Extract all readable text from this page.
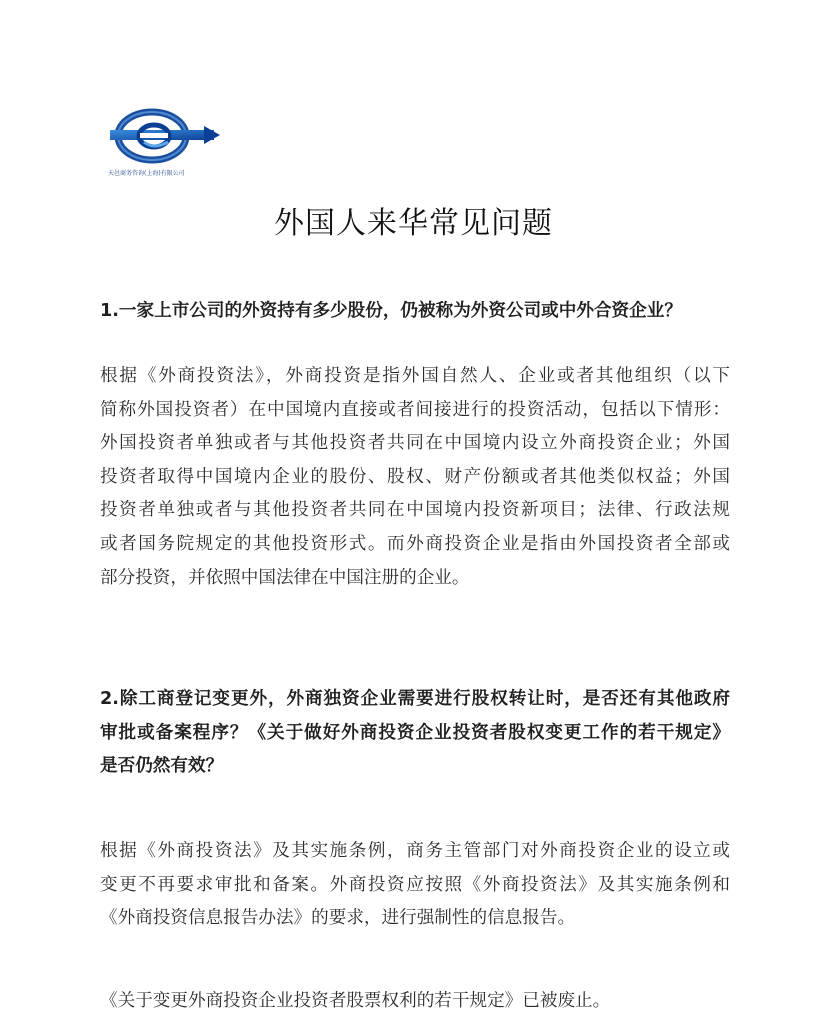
天邑商务咨询(上海)有限公司
外国人来华常见问题
1.一家上市公司的外资持有多少股份，仍被称为外资公司或中外合资企业？
根据《外商投资法》，外商投资是指外国自然人、企业或者其他组织（以下
简称外国投资者）在中国境内直接或者间接进行的投资活动，包括以下情形：
外国投资者单独或者与其他投资者共同在中国境内设立外商投资企业；外国
投资者取得中国境内企业的股份、股权、财产份额或者其他类似权益；外国
投资者单独或者与其他投资者共同在中国境内投资新项目；法律、行政法规
或者国务院规定的其他投资形式。而外商投资企业是指由外国投资者全部或
部分投资，并依照中国法律在中国注册的企业。
2.除工商登记变更外，外商独资企业需要进行股权转让时，是否还有其他政府
审批或备案程序？《关于做好外商投资企业投资者股权变更工作的若干规定》
是否仍然有效？
根据《外商投资法》及其实施条例，商务主管部门对外商投资企业的设立或
变更不再要求审批和备案。外商投资应按照《外商投资法》及其实施条例和
《外商投资信息报告办法》的要求，进行强制性的信息报告。
《关于变更外商投资企业投资者股票权利的若干规定》已被废止。
